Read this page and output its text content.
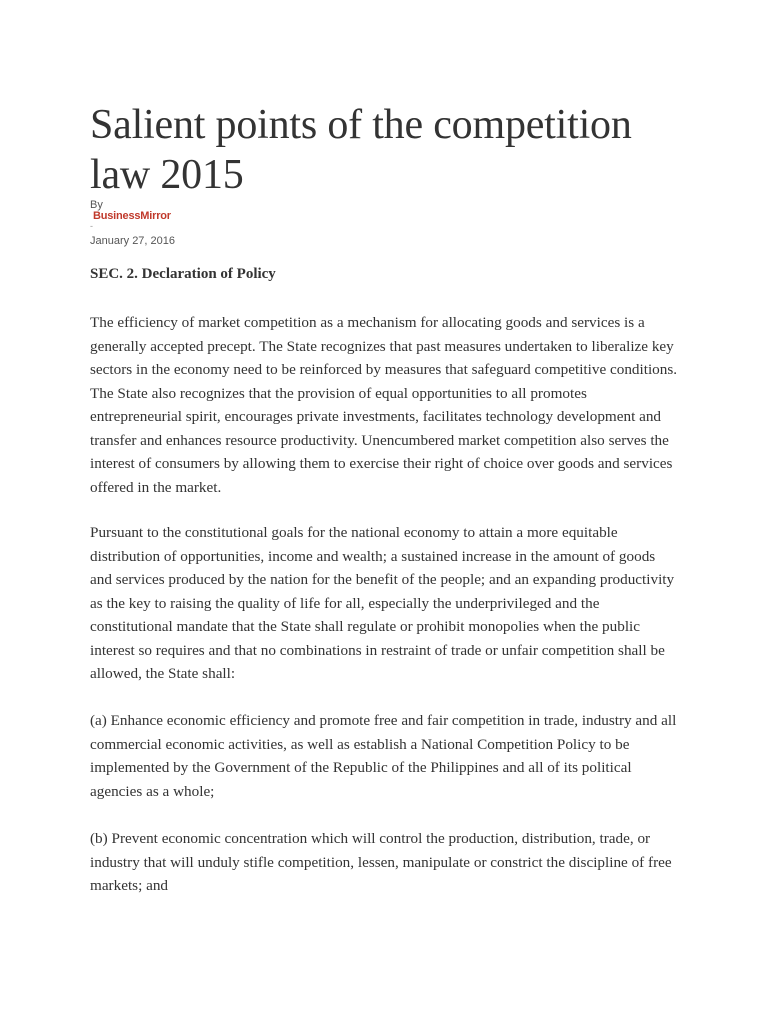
Salient points of the competition law 2015
By
BusinessMirror
-
January 27, 2016
SEC. 2. Declaration of Policy

The efficiency of market competition as a mechanism for allocating goods and services is a generally accepted precept. The State recognizes that past measures undertaken to liberalize key sectors in the economy need to be reinforced by measures that safeguard competitive conditions. The State also recognizes that the provision of equal opportunities to all promotes entrepreneurial spirit, encourages private investments, facilitates technology development and transfer and enhances resource productivity. Unencumbered market competition also serves the interest of consumers by allowing them to exercise their right of choice over goods and services offered in the market.

Pursuant to the constitutional goals for the national economy to attain a more equitable distribution of opportunities, income and wealth; a sustained increase in the amount of goods and services produced by the nation for the benefit of the people; and an expanding productivity as the key to raising the quality of life for all, especially the underprivileged and the constitutional mandate that the State shall regulate or prohibit monopolies when the public interest so requires and that no combinations in restraint of trade or unfair competition shall be allowed, the State shall:

(a) Enhance economic efficiency and promote free and fair competition in trade, industry and all commercial economic activities, as well as establish a National Competition Policy to be implemented by the Government of the Republic of the Philippines and all of its political agencies as a whole;

(b) Prevent economic concentration which will control the production, distribution, trade, or industry that will unduly stifle competition, lessen, manipulate or constrict the discipline of free markets; and
